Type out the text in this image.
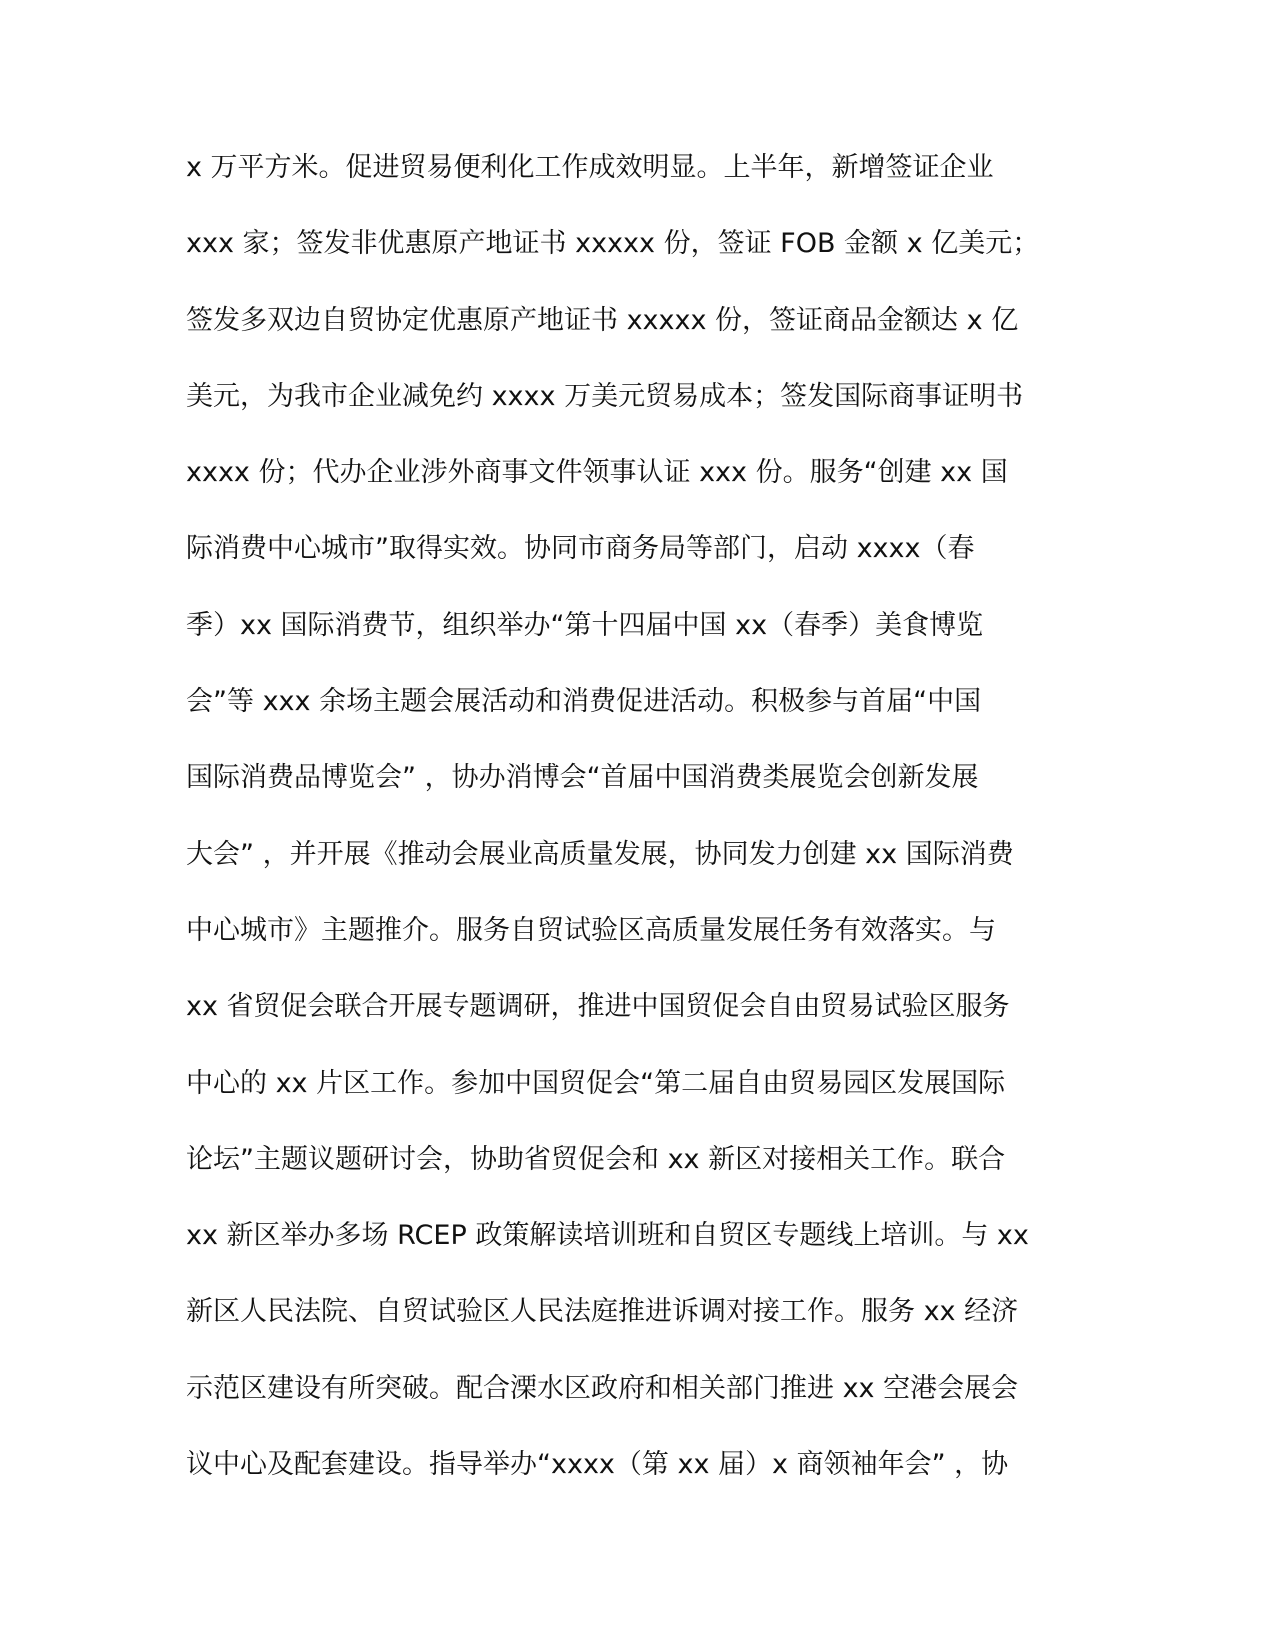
x 万平方米。促进贸易便利化工作成效明显。上半年，新增签证企业
xxx 家；签发非优惠原产地证书 xxxxx 份，签证 FOB 金额 x 亿美元；
签发多双边自贸协定优惠原产地证书 xxxxx 份，签证商品金额达 x 亿
美元，为我市企业减免约 xxxx 万美元贸易成本；签发国际商事证明书
xxxx 份；代办企业涉外商事文件领事认证 xxx 份。服务“创建 xx 国
际消费中心城市”取得实效。协同市商务局等部门，启动 xxxx（春
季）xx 国际消费节，组织举办“第十四届中国 xx（春季）美食博览
会”等 xxx 余场主题会展活动和消费促进活动。积极参与首届“中国
国际消费品博览会” ，协办消博会“首届中国消费类展览会创新发展
大会” ，并开展《推动会展业高质量发展，协同发力创建 xx 国际消费
中心城市》主题推介。服务自贸试验区高质量发展任务有效落实。与
xx 省贸促会联合开展专题调研，推进中国贸促会自由贸易试验区服务
中心的 xx 片区工作。参加中国贸促会“第二届自由贸易园区发展国际
论坛”主题议题研讨会，协助省贸促会和 xx 新区对接相关工作。联合
xx 新区举办多场 RCEP 政策解读培训班和自贸区专题线上培训。与 xx
新区人民法院、自贸试验区人民法庭推进诉调对接工作。服务 xx 经济
示范区建设有所突破。配合溧水区政府和相关部门推进 xx 空港会展会
议中心及配套建设。指导举办“xxxx（第 xx 届）x 商领袖年会” ，协
